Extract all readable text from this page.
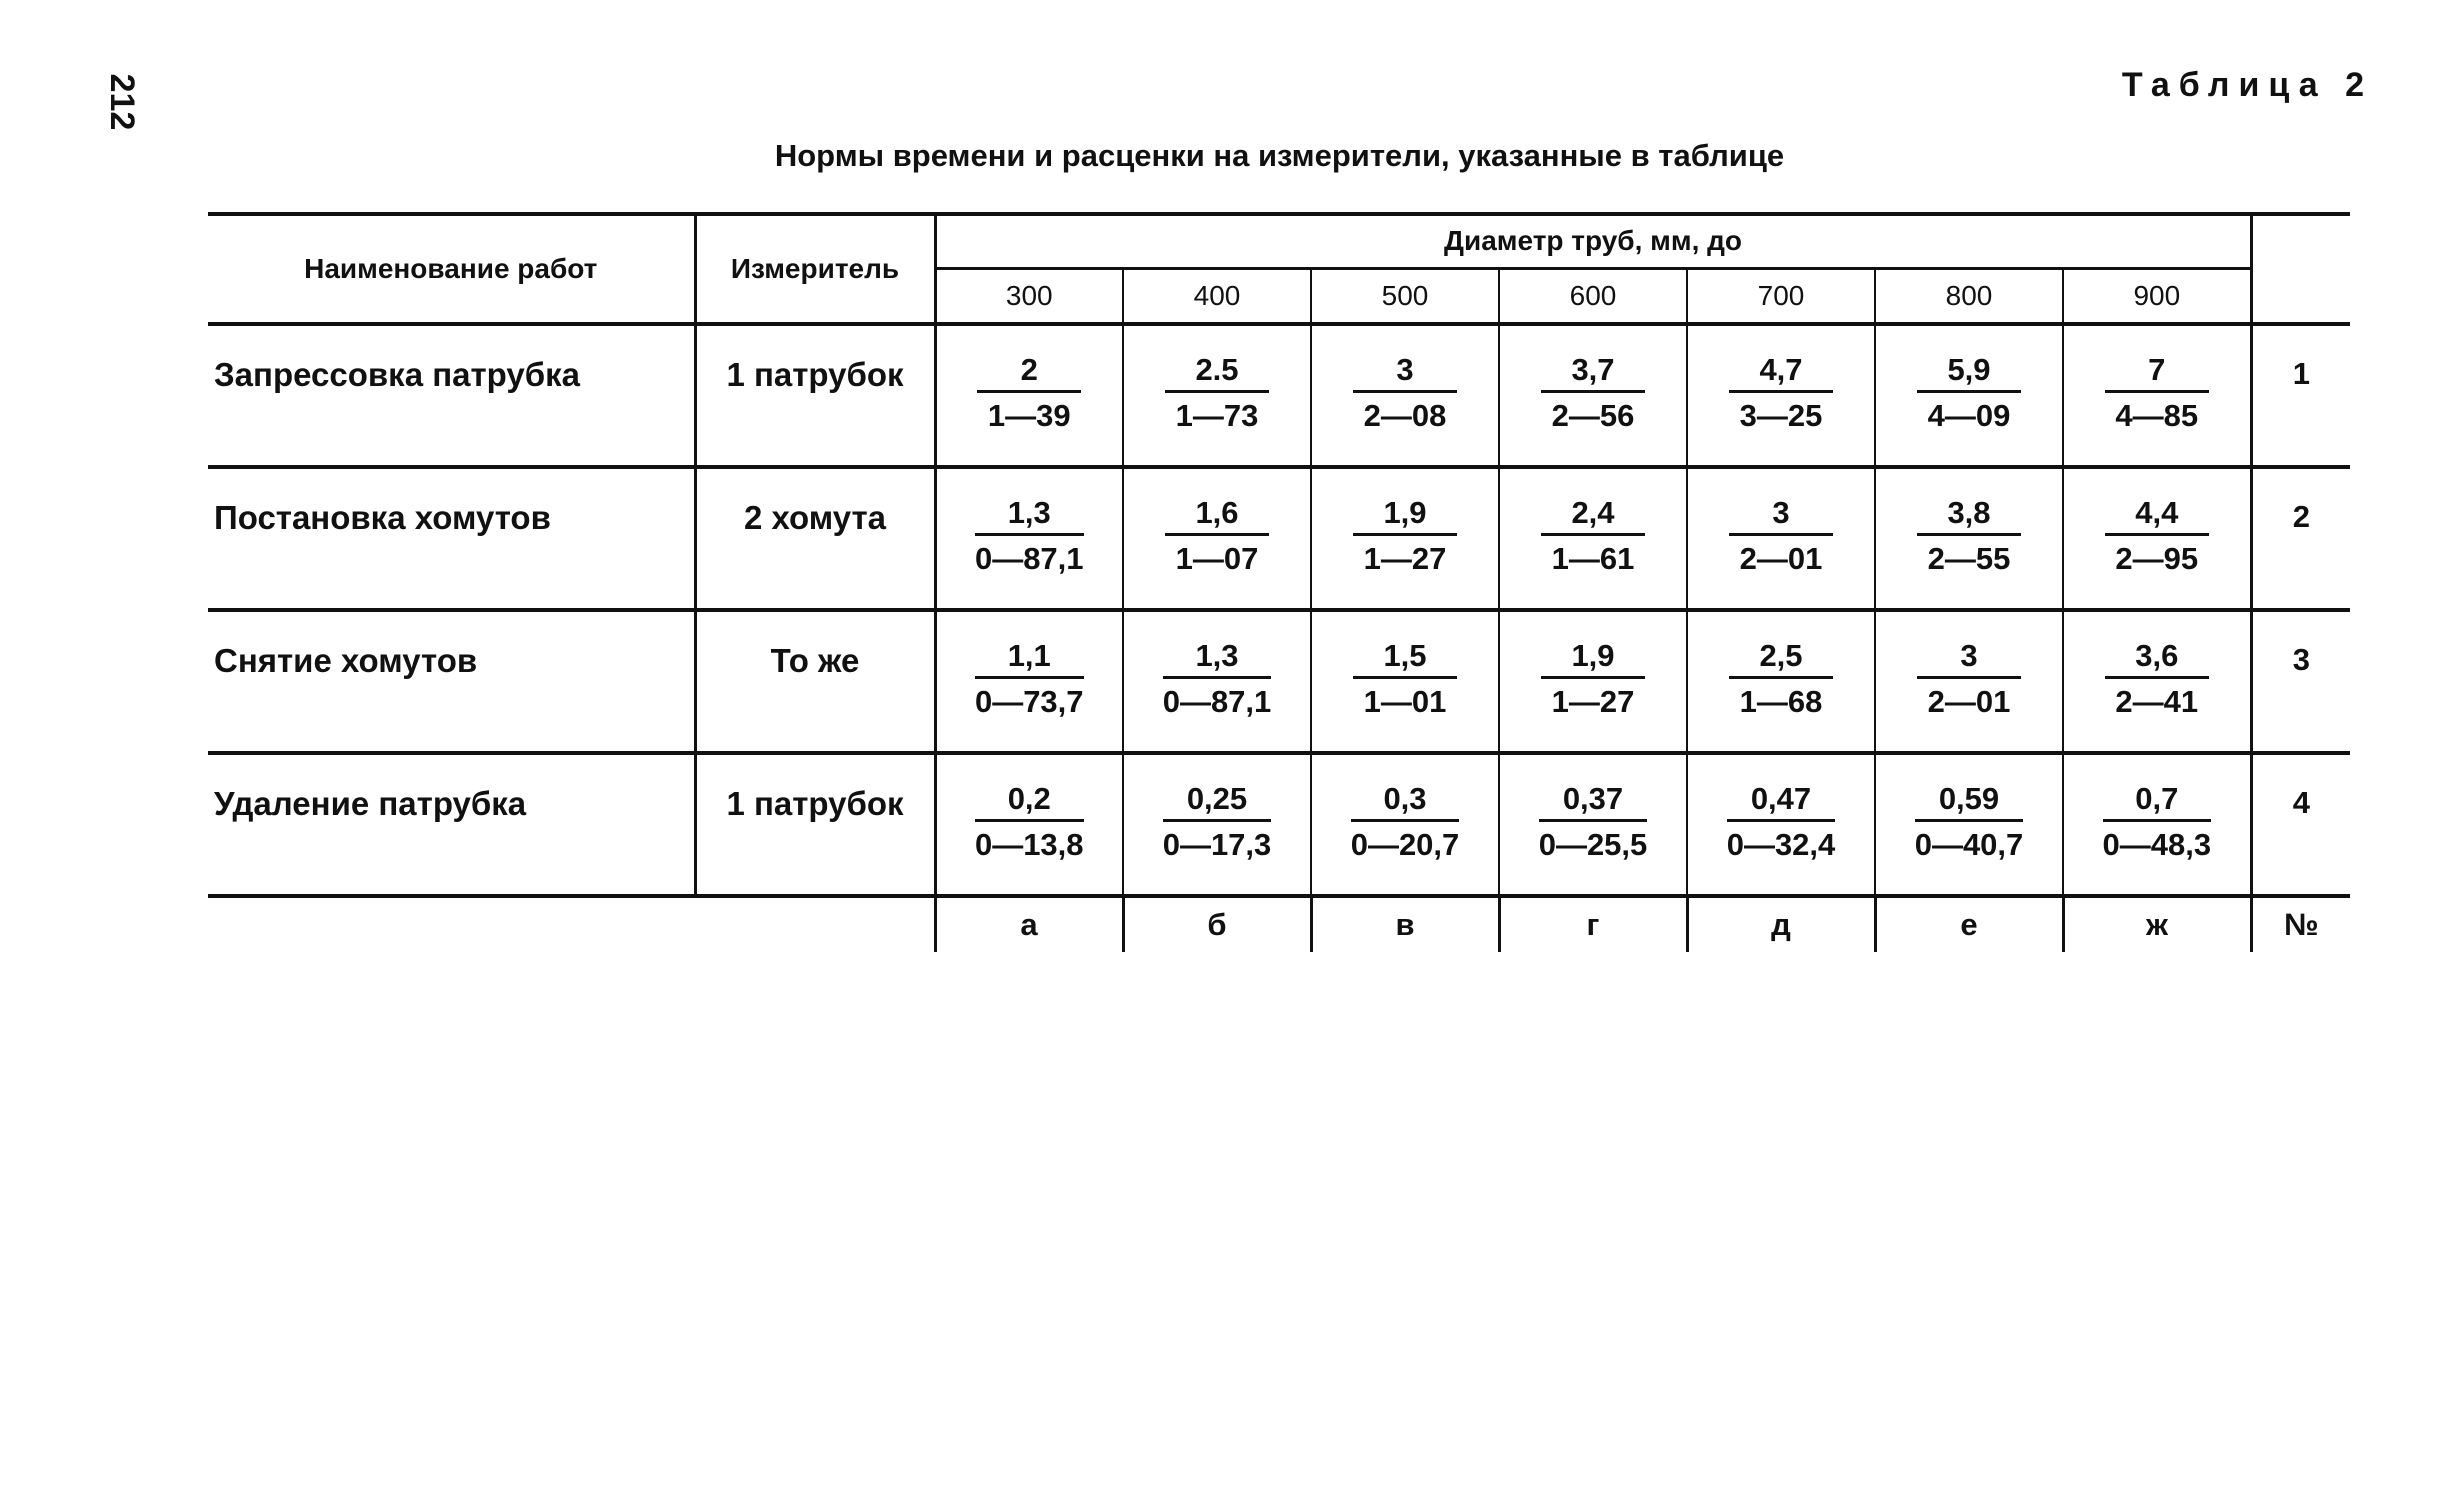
212	Таблица 2
Нормы времени и расценки на измерители, указанные в таблице
Наименование работ	Измеритель	Диаметр труб, мм, до							
		300	400	500	600	700	800	900	
Запрессовка патрубка	1 патрубок	$\frac{2}{1—39}$	$\frac{2.5}{1—73}$	$\frac{3}{2—08}$	$\frac{3,7}{2—56}$	$\frac{4,7}{3—25}$	$\frac{5,9}{4—09}$	$\frac{7}{4—85}$	1
Постановка хомутов	2 хомута	$\frac{1,3}{0—87,1}$	$\frac{1,6}{1—07}$	$\frac{1,9}{1—27}$	$\frac{2,4}{1—61}$	$\frac{3}{2—01}$	$\frac{3,8}{2—55}$	$\frac{4,4}{2—95}$	2
Снятие хомутов	То же	$\frac{1,1}{0—73,7}$	$\frac{1,3}{0—87,1}$	$\frac{1,5}{1—01}$	$\frac{1,9}{1—27}$	$\frac{2,5}{1—68}$	$\frac{3}{2—01}$	$\frac{3,6}{2—41}$	3
Удаление патрубка	1 патрубок	$\frac{0,2}{0—13,8}$	$\frac{0,25}{0—17,3}$	$\frac{0,3}{0—20,7}$	$\frac{0,37}{0—25,5}$	$\frac{0,47}{0—32,4}$	$\frac{0,59}{0—40,7}$	$\frac{0,7}{0—48,3}$	4
		а	б	в	г	д	е	ж	№
